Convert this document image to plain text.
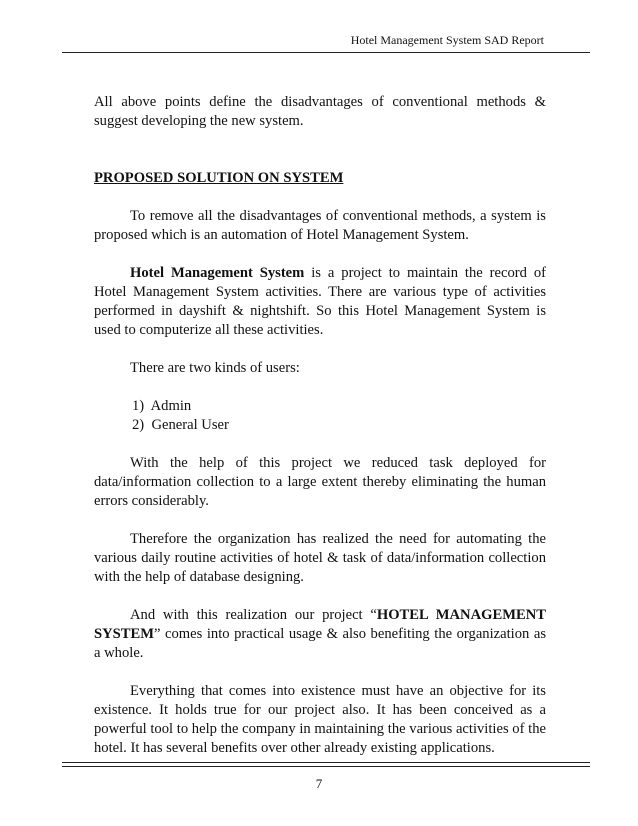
Hotel Management System SAD Report

All above points define the disadvantages of conventional methods & suggest developing the new system.

PROPOSED SOLUTION ON SYSTEM

To remove all the disadvantages of conventional methods, a system is proposed which is an automation of Hotel Management System.

Hotel Management System is a project to maintain the record of Hotel Management System activities. There are various type of activities performed in dayshift & nightshift. So this Hotel Management System is used to computerize all these activities.

There are two kinds of users:

1)  Admin
2)  General User

With the help of this project we reduced task deployed for data/information collection to a large extent thereby eliminating the human errors considerably.

Therefore the organization has realized the need for automating the various daily routine activities of hotel & task of data/information collection with the help of database designing.

And with this realization our project “HOTEL MANAGEMENT SYSTEM” comes into practical usage & also benefiting the organization as a whole.

Everything that comes into existence must have an objective for its existence. It holds true for our project also. It has been conceived as a powerful tool to help the company in maintaining the various activities of the hotel. It has several benefits over other already existing applications.

7
